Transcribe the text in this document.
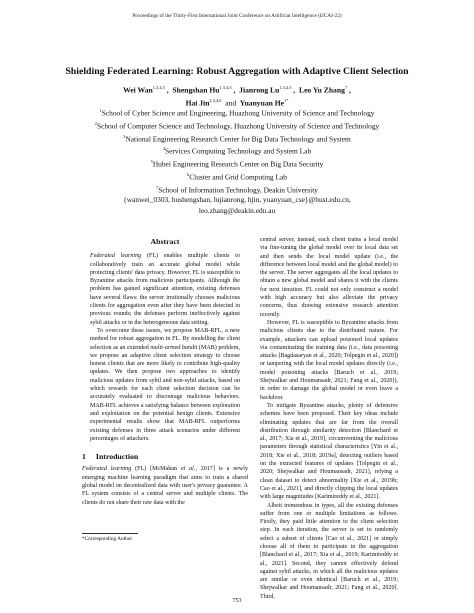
Proceedings of the Thirty-First International Joint Conference on Artificial Intelligence (IJCAI-22)
Shielding Federated Learning: Robust Aggregation with Adaptive Client Selection
Wei Wan$^{1,3,4,5}$ ,  Shengshan Hu$^{1,3,4,5}$ ,  Jianrong Lu$^{1,3,4,5}$ ,  Leo Yu Zhang$^7$ ,
Hai Jin$^{2,3,4,6}$ and Yuanyuan $He^{1*}$
$^1$School of Cyber Science and Engineering, Huazhong University of Science and Technology
$^2$School of Computer Science and Technology, Huazhong University of Science and Technology
$^3$National Engineering Research Center for Big Data Technology and System
$^4$Services Computing Technology and System Lab
$^5$Hubei Engineering Research Center on Big Data Security
$^6$Cluster and Grid Computing Lab
$^7$School of Information Technology, Deakin University
{wanwei_0303, hushengshan, lujianrong, hjin, yuanyuan_cse}@hust.edu.cn,
leo.zhang@deakin.edu.au
Abstract

Federated learning (FL) enables multiple clients to collaboratively train an accurate global model while protecting clients' data privacy. However, FL is susceptible to Byzantine attacks from malicious participants. Although the problem has gained significant attention, existing defenses have several flaws: the server irrationally chooses malicious clients for aggregation even after they have been detected in previous rounds; the defenses perform ineffectively against sybil attacks or in the heterogeneous data setting.

To overcome these issues, we propose MAB-RFL, a new method for robust aggregation in FL. By modelling the client selection as an extended multi-armed bandit (MAB) problem, we propose an adaptive client selection strategy to choose honest clients that are more likely to contribute high-quality updates. We then propose two approaches to identify malicious updates from sybil and non-sybil attacks, based on which rewards for each client selection decision can be accurately evaluated to discourage malicious behaviors. MAB-RFL achieves a satisfying balance between exploration and exploitation on the potential benign clients. Extensive experimental results show that MAB-RFL outperforms existing defenses in three attack scenarios under different percentages of attackers.

1 Introduction

Federated learning (FL) [McMahan et al., 2017] is a newly emerging machine learning paradigm that aims to train a shared global model on decentralized data with user's privacy guarantee. A FL system consists of a central server and multiple clients. The clients do not share their raw data with the

central server, instead, each client trains a local model via fine-tuning the global model over its local data set and then sends the local model update (i.e., the difference between local model and the global model) to the server. The server aggregates all the local updates to obtain a new global model and shares it with the clients for next iteration. FL could not only construct a model with high accuracy but also alleviate the privacy concerns, thus drawing extensive research attention recently.

However, FL is susceptible to Byzantine attacks from malicious clients due to the distributed nature. For example, attackers can upload poisoned local updates via contaminating the training data (i.e., data poisoning attacks [Bagdasaryan et al., 2020; Tolpegin et al., 2020]) or tampering with the local model updates directly (i.e., model poisoning attacks [Baruch et al., 2019; Shejwalkar and Houmansadr, 2021; Fang et al., 2020]), in order to damage the global model or even leave a backdoor.

To mitigate Byzantine attacks, plenty of defensive schemes have been proposed. Their key ideas include eliminating updates that are far from the overall distribution through similarity detection [Blanchard et al., 2017; Xia et al., 2019], circumventing the malicious parameters through statistical characteristics [Yin et al., 2018; Xie et al., 2018; 2019a], detecting outliers based on the extracted features of updates [Tolpegin et al., 2020; Shejwalkar and Houmansadr, 2021], relying a clean dataset to detect abnormality [Xie et al., 2019b; Cao et al., 2021], and directly clipping the local updates with large magnitudes [Karimireddy et al., 2021].

Albeit tremendous in types, all the existing defenses suffer from one or multiple limitations as follows. Firstly, they paid little attention to the client selection step. In each iteration, the server is set to randomly select a subset of clients [Cao et al., 2021] or simply choose all of them to participate in the aggregation [Blanchard et al., 2017; Xia et al., 2019; Karimireddy et al., 2021]. Second, they cannot effectively defend against sybil attacks, in which all the malicious updates are similar or even identical [Baruch et al., 2019; Shejwalkar and Houmansadr, 2021; Fang et al., 2020]. Third,

*Corresponding Author
753
